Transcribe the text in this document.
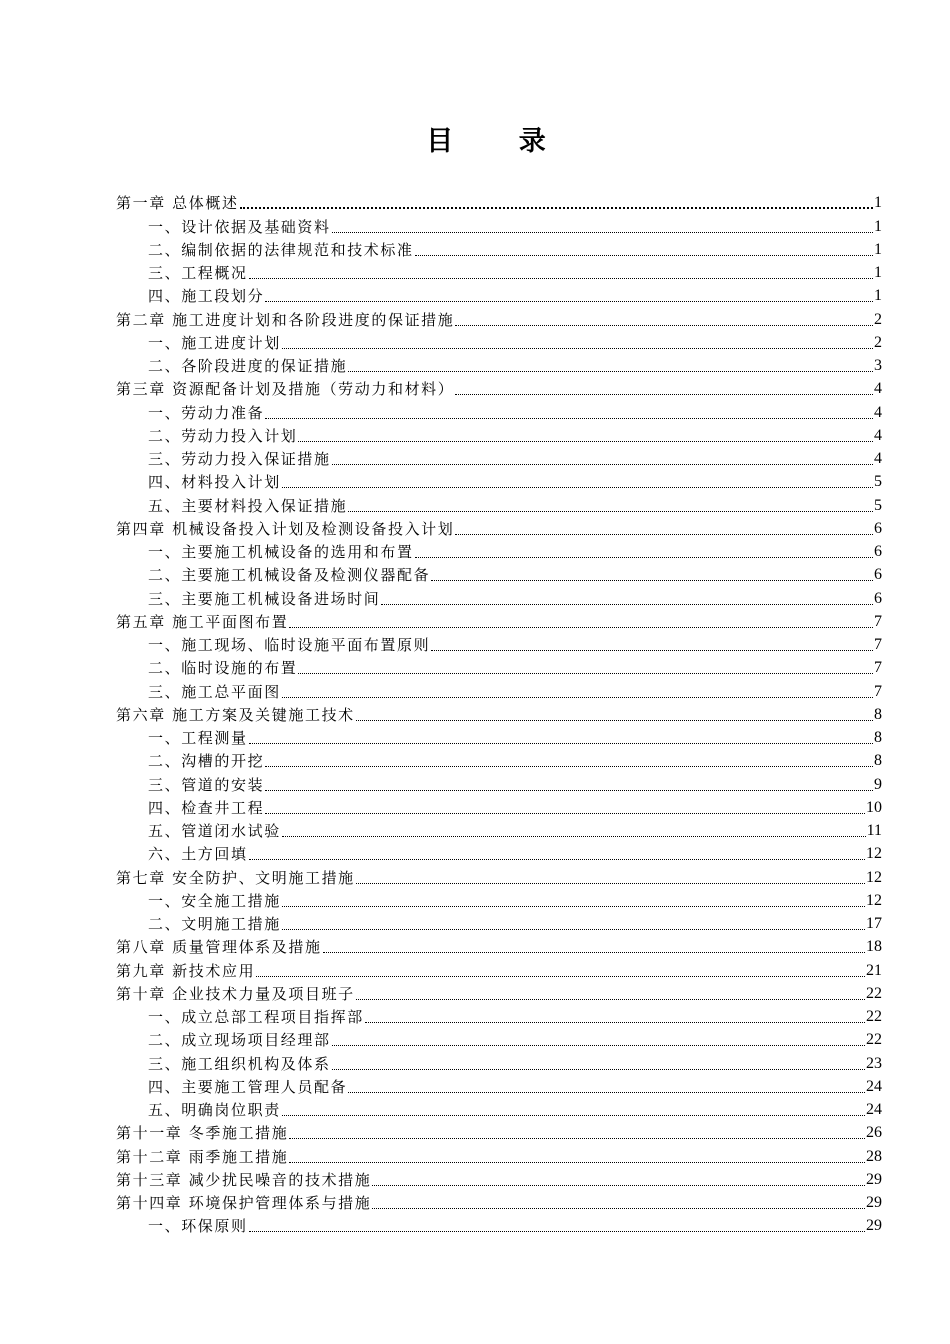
目 录
第一章 总体概述	1
一、设计依据及基础资料	1
二、编制依据的法律规范和技术标准	1
三、工程概况	1
四、施工段划分	1
第二章 施工进度计划和各阶段进度的保证措施	2
一、施工进度计划	2
二、各阶段进度的保证措施	3
第三章 资源配备计划及措施（劳动力和材料）	4
一、劳动力准备	4
二、劳动力投入计划	4
三、劳动力投入保证措施	4
四、材料投入计划	5
五、主要材料投入保证措施	5
第四章 机械设备投入计划及检测设备投入计划	6
一、主要施工机械设备的选用和布置	6
二、主要施工机械设备及检测仪器配备	6
三、主要施工机械设备进场时间	6
第五章 施工平面图布置	7
一、施工现场、临时设施平面布置原则	7
二、临时设施的布置	7
三、施工总平面图	7
第六章 施工方案及关键施工技术	8
一、工程测量	8
二、沟槽的开挖	8
三、管道的安装	9
四、检查井工程	10
五、管道闭水试验	11
六、土方回填	12
第七章 安全防护、文明施工措施	12
一、安全施工措施	12
二、文明施工措施	17
第八章 质量管理体系及措施	18
第九章 新技术应用	21
第十章 企业技术力量及项目班子	22
一、成立总部工程项目指挥部	22
二、成立现场项目经理部	22
三、施工组织机构及体系	23
四、主要施工管理人员配备	24
五、明确岗位职责	24
第十一章 冬季施工措施	26
第十二章 雨季施工措施	28
第十三章 减少扰民噪音的技术措施	29
第十四章 环境保护管理体系与措施	29
一、环保原则	29
